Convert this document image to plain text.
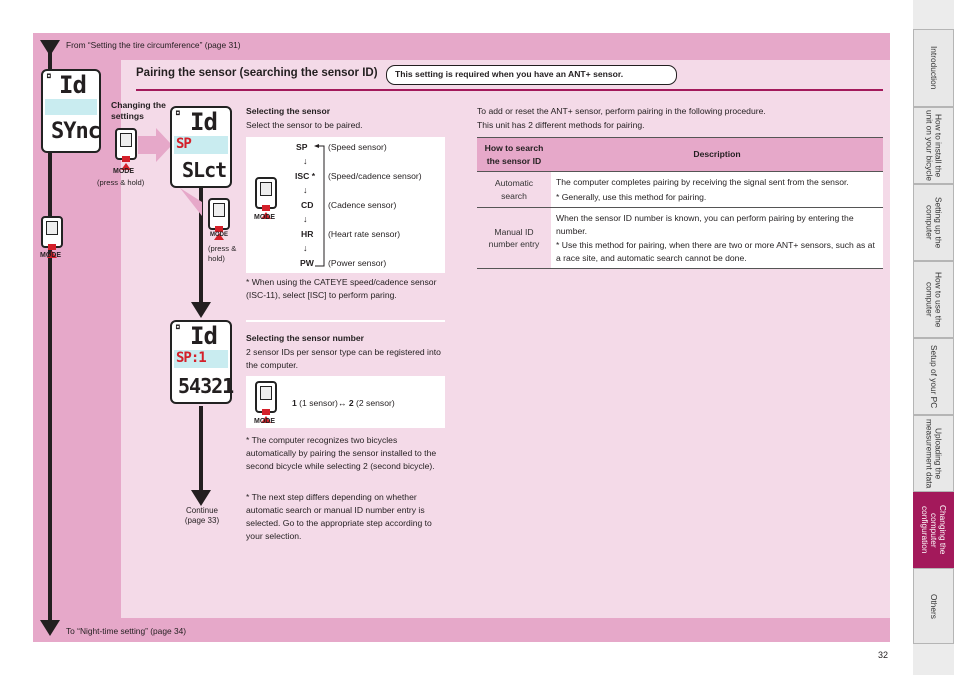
From “Setting the tire circumference” (page 31)
To “Night-time setting” (page 34)
Pairing the sensor (searching the sensor ID)	This setting is required when you have an ANT+ sensor.
◘ Id
SYnc
MODE
Changing the settings
MODE
(press & hold)
◘ Id
SP
SLct
MODE
(press & hold)
Selecting the sensor
Select the sensor to be paired.
MODE
SP (Speed sensor)
↓
ISC * (Speed/cadence sensor)
↓
CD (Cadence sensor)
↓
HR (Heart rate sensor)
↓
PW (Power sensor)
* When using the CATEYE speed/cadence sensor (ISC-11), select [ISC] to perform paring.
◘ Id
SP:1
54321
Continue
(page 33)
Selecting the sensor number
2 sensor IDs per sensor type can be registered into the computer.
MODE
1 (1 sensor)↔ 2 (2 sensor)
* The computer recognizes two bicycles automatically by pairing the sensor installed to the second bicycle while selecting 2 (second bicycle).
* The next step differs depending on whether automatic search or manual ID number entry is selected. Go to the appropriate step according to your selection.
To add or reset the ANT+ sensor, perform pairing in the following procedure.
This unit has 2 different methods for pairing.
How to search the sensor ID	Description
Automatic search	The computer completes pairing by receiving the signal sent from the sensor.
* Generally, use this method for pairing.

Manual ID number entry	When the sensor ID number is known, you can perform pairing by entering the number.
* Use this method for pairing, when there are two or more ANT+ sensors, such as at a race site, and automatic search cannot be done.
Introduction
How to install the unit on your bicycle
Setting up the computer
How to use the computer
Setup of your PC
Uploading the measurement data
Changing the computer configuration
Others
32
